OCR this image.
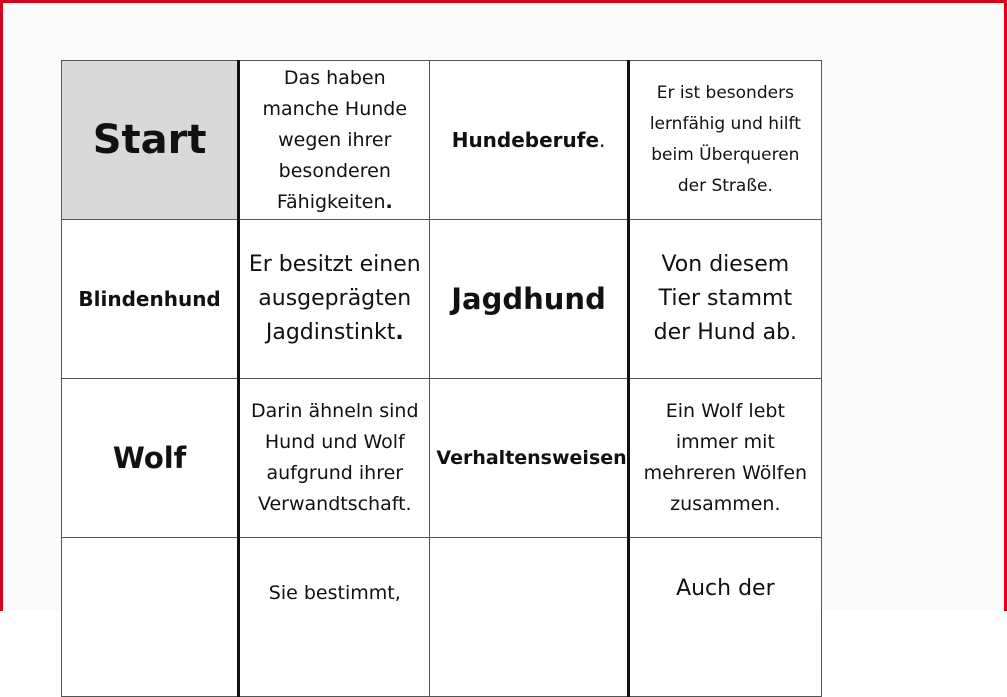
Start	Das haben
manche Hunde
wegen ihrer
besonderen
Fähigkeiten.	Hundeberufe.	Er ist besonders
lernfähig und hilft
beim Überqueren
der Straße.

Blindenhund	Er besitzt einen
ausgeprägten
Jagdinstinkt.	Jagdhund	Von diesem
Tier stammt
der Hund ab.

Wolf	Darin ähneln sind
Hund und Wolf
aufgrund ihrer
Verwandtschaft.	Verhaltensweisen	Ein Wolf lebt
immer mit
mehreren Wölfen
zusammen.

	Sie bestimmt,		Auch der
